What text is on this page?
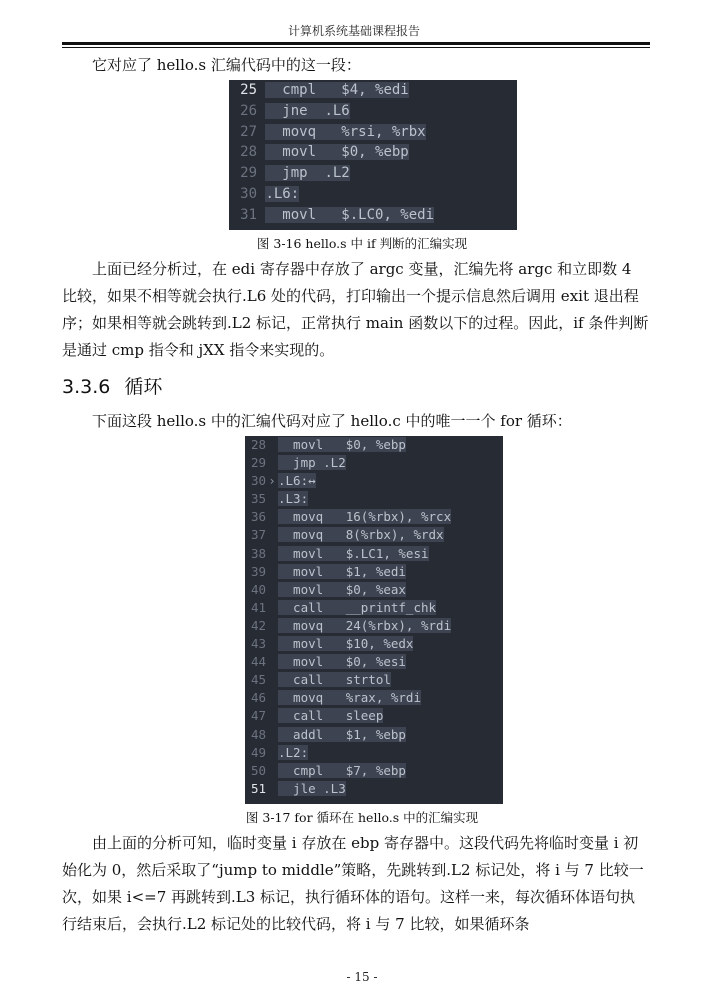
计算机系统基础课程报告
它对应了 hello.s 汇编代码中的这一段：
25   cmpl   $4, %edi
26   jne  .L6
27   movq   %rsi, %rbx
28   movl   $0, %ebp
29   jmp  .L2
30 .L6:
31   movl   $.LC0, %edi
图 3-16 hello.s 中 if 判断的汇编实现
上面已经分析过，在 edi 寄存器中存放了 argc 变量，汇编先将 argc 和立即数 4 比较，如果不相等就会执行.L6 处的代码，打印输出一个提示信息然后调用 exit 退出程序；如果相等就会跳转到.L2 标记，正常执行 main 函数以下的过程。因此，if 条件判断是通过 cmp 指令和 jXX 指令来实现的。
3.3.6 循环
下面这段 hello.s 中的汇编代码对应了 hello.c 中的唯一一个 for 循环：
28   movl   $0, %ebp
29   jmp .L2
30 › .L6:↔
35 .L3:
36   movq   16(%rbx), %rcx
37   movq   8(%rbx), %rdx
38   movl   $.LC1, %esi
39   movl   $1, %edi
40   movl   $0, %eax
41   call   __printf_chk
42   movq   24(%rbx), %rdi
43   movl   $10, %edx
44   movl   $0, %esi
45   call   strtol
46   movq   %rax, %rdi
47   call   sleep
48   addl   $1, %ebp
49 .L2:
50   cmpl   $7, %ebp
51   jle .L3
图 3-17 for 循环在 hello.s 中的汇编实现
由上面的分析可知，临时变量 i 存放在 ebp 寄存器中。这段代码先将临时变量 i 初始化为 0，然后采取了“jump to middle”策略，先跳转到.L2 标记处，将 i 与 7 比较一次，如果 i<=7 再跳转到.L3 标记，执行循环体的语句。这样一来，每次循环体语句执行结束后，会执行.L2 标记处的比较代码，将 i 与 7 比较，如果循环条
- 15 -
